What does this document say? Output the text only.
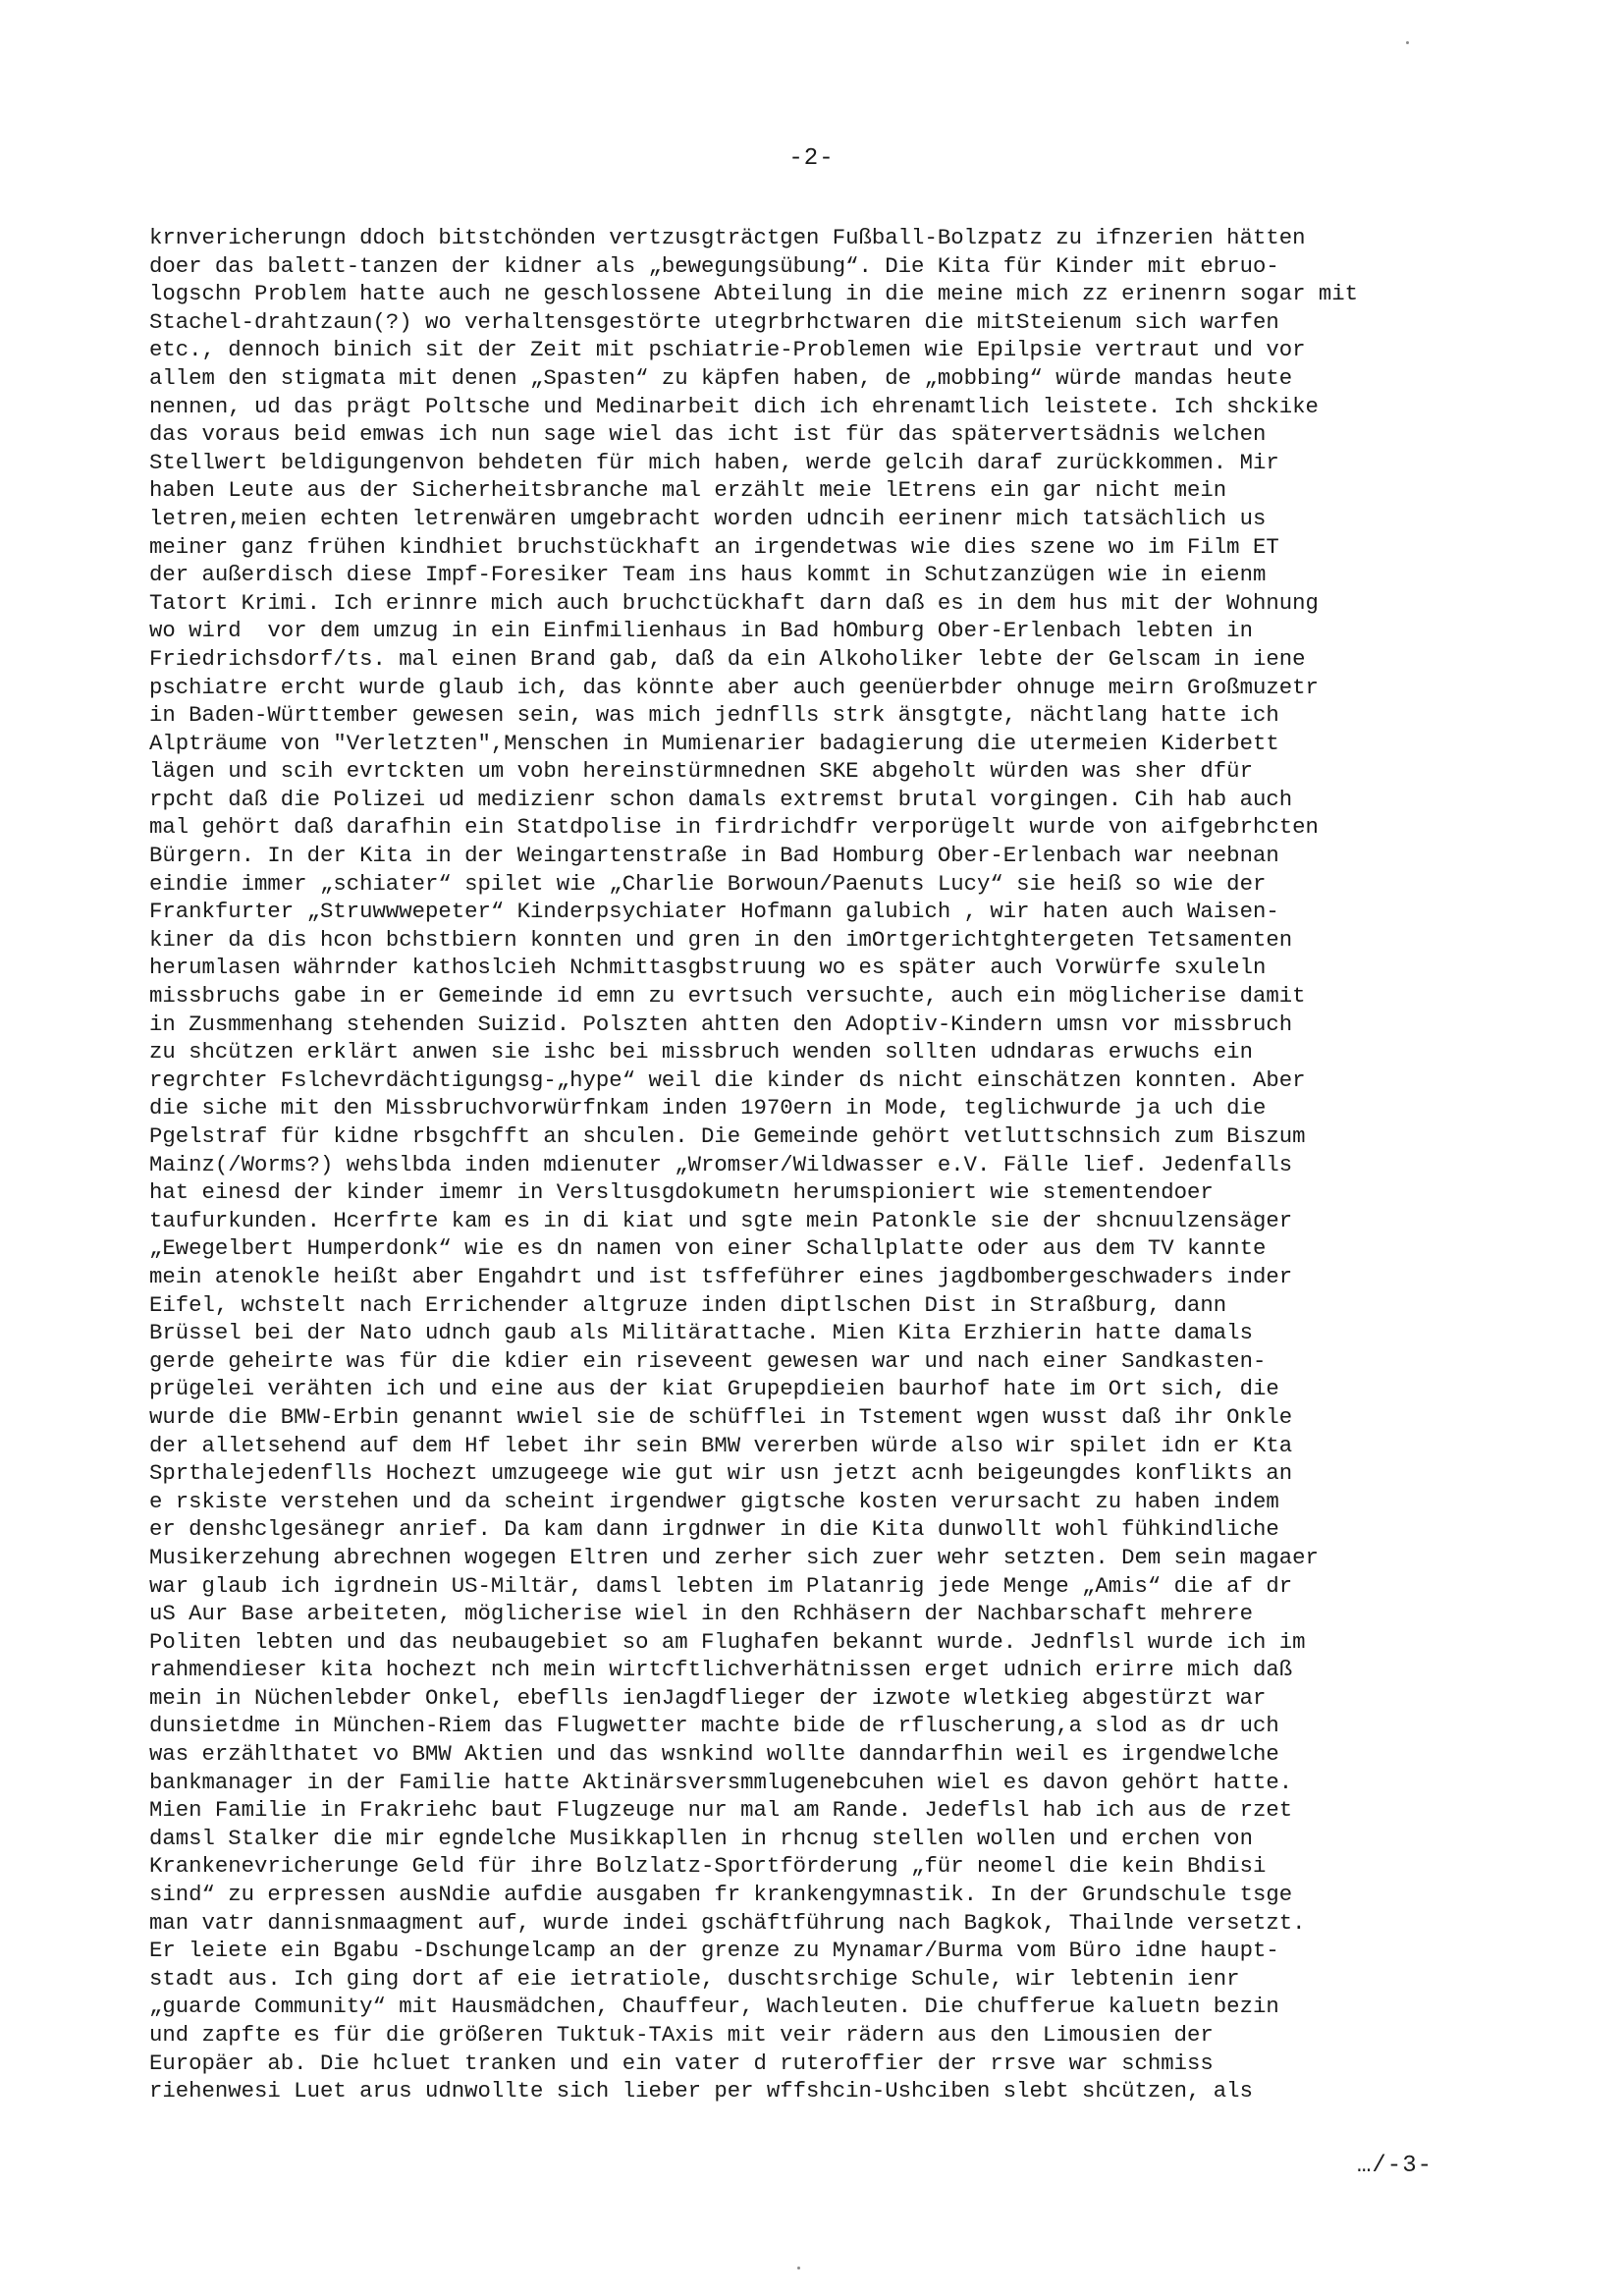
-2-
krnvericherungn ddoch bitstchönden vertzusgträctgen Fußball-Bolzpatz zu ifnzerien hätten
doer das balett-tanzen der kidner als „bewegungsübung“. Die Kita für Kinder mit ebruo-
logschn Problem hatte auch ne geschlossene Abteilung in die meine mich zz erinenrn sogar mit
Stachel-drahtzaun(?) wo verhaltensgestörte utegrbrhctwaren die mitSteienum sich warfen
etc., dennoch binich sit der Zeit mit pschiatrie-Problemen wie Epilpsie vertraut und vor
allem den stigmata mit denen „Spasten“ zu käpfen haben, de „mobbing“ würde mandas heute
nennen, ud das prägt Poltsche und Medinarbeit dich ich ehrenamtlich leistete. Ich shckike
das voraus beid emwas ich nun sage wiel das icht ist für das spätervertsädnis welchen
Stellwert beldigungenvon behdeten für mich haben, werde gelcih daraf zurückkommen. Mir
haben Leute aus der Sicherheitsbranche mal erzählt meie lEtrens ein gar nicht mein
letren,meien echten letrenwären umgebracht worden udncih eerinenr mich tatsächlich us
meiner ganz frühen kindhiet bruchstückhaft an irgendetwas wie dies szene wo im Film ET
der außerdisch diese Impf-Foresiker Team ins haus kommt in Schutzanzügen wie in eienm
Tatort Krimi. Ich erinnre mich auch bruchctückhaft darn daß es in dem hus mit der Wohnung
wo wird  vor dem umzug in ein Einfmilienhaus in Bad hOmburg Ober-Erlenbach lebten in
Friedrichsdorf/ts. mal einen Brand gab, daß da ein Alkoholiker lebte der Gelscam in iene
pschiatre ercht wurde glaub ich, das könnte aber auch geenüerbder ohnuge meirn Großmuzetr
in Baden-Württember gewesen sein, was mich jednflls strk änsgtgte, nächtlang hatte ich
Alpträume von "Verletzten",Menschen in Mumienarier badagierung die utermeien Kiderbett
lägen und scih evrtckten um vobn hereinstürmnednen SKE abgeholt würden was sher dfür
rpcht daß die Polizei ud medizienr schon damals extremst brutal vorgingen. Cih hab auch
mal gehört daß darafhin ein Statdpolise in firdrichdfr verporügelt wurde von aifgebrhcten
Bürgern. In der Kita in der Weingartenstraße in Bad Homburg Ober-Erlenbach war neebnan
eindie immer „schiater“ spilet wie „Charlie Borwoun/Paenuts Lucy“ sie heiß so wie der
Frankfurter „Struwwwepeter“ Kinderpsychiater Hofmann galubich , wir haten auch Waisen-
kiner da dis hcon bchstbiern konnten und gren in den imOrtgerichtghtergeten Tetsamenten
herumlasen währnder kathoslcieh Nchmittasgbstruung wo es später auch Vorwürfe sxuleln
missbruchs gabe in er Gemeinde id emn zu evrtsuch versuchte, auch ein möglicherise damit
in Zusmmenhang stehenden Suizid. Polszten ahtten den Adoptiv-Kindern umsn vor missbruch
zu shcützen erklärt anwen sie ishc bei missbruch wenden sollten udndaras erwuchs ein
regrchter Fslchevrdächtigungsg-„hype“ weil die kinder ds nicht einschätzen konnten. Aber
die siche mit den Missbruchvorwürfnkam inden 1970ern in Mode, teglichwurde ja uch die
Pgelstraf für kidne rbsgchfft an shculen. Die Gemeinde gehört vetluttschnsich zum Biszum
Mainz(/Worms?) wehslbda inden mdienuter „Wromser/Wildwasser e.V. Fälle lief. Jedenfalls
hat einesd der kinder imemr in Versltusgdokumetn herumspioniert wie stementendoer
taufurkunden. Hcerfrte kam es in di kiat und sgte mein Patonkle sie der shcnuulzensäger
„Ewegelbert Humperdonk“ wie es dn namen von einer Schallplatte oder aus dem TV kannte
mein atenokle heißt aber Engahdrt und ist tsffeführer eines jagdbombergeschwaders inder
Eifel, wchstelt nach Errichender altgruze inden diptlschen Dist in Straßburg, dann
Brüssel bei der Nato udnch gaub als Militärattache. Mien Kita Erzhierin hatte damals
gerde geheirte was für die kdier ein riseveent gewesen war und nach einer Sandkasten-
prügelei verähten ich und eine aus der kiat Grupepdieien baurhof hate im Ort sich, die
wurde die BMW-Erbin genannt wwiel sie de schüfflei in Tstement wgen wusst daß ihr Onkle
der alletsehend auf dem Hf lebet ihr sein BMW vererben würde also wir spilet idn er Kta
Sprthalejedenflls Hochezt umzugeege wie gut wir usn jetzt acnh beigeungdes konflikts an
e rskiste verstehen und da scheint irgendwer gigtsche kosten verursacht zu haben indem
er denshclgesänegr anrief. Da kam dann irgdnwer in die Kita dunwollt wohl fühkindliche
Musikerzehung abrechnen wogegen Eltren und zerher sich zuer wehr setzten. Dem sein magaer
war glaub ich igrdnein US-Miltär, damsl lebten im Platanrig jede Menge „Amis“ die af dr
uS Aur Base arbeiteten, möglicherise wiel in den Rchhäsern der Nachbarschaft mehrere
Politen lebten und das neubaugebiet so am Flughafen bekannt wurde. Jednflsl wurde ich im
rahmendieser kita hochezt nch mein wirtcftlichverhätnissen erget udnich erirre mich daß
mein in Nüchenlebder Onkel, ebeflls ienJagdflieger der izwote wletkieg abgestürzt war
dunsietdme in München-Riem das Flugwetter machte bide de rfluscherung,a slod as dr uch
was erzählthatet vo BMW Aktien und das wsnkind wollte danndarfhin weil es irgendwelche
bankmanager in der Familie hatte Aktinärsversmmlugenebcuhen wiel es davon gehört hatte.
Mien Familie in Frakriehc baut Flugzeuge nur mal am Rande. Jedeflsl hab ich aus de rzet
damsl Stalker die mir egndelche Musikkapllen in rhcnug stellen wollen und erchen von
Krankenevricherunge Geld für ihre Bolzlatz-Sportförderung „für neomel die kein Bhdisi
sind“ zu erpressen ausNdie aufdie ausgaben fr krankengymnastik. In der Grundschule tsge
man vatr dannisnmaagment auf, wurde indei gschäftführung nach Bagkok, Thailnde versetzt.
Er leiete ein Bgabu -Dschungelcamp an der grenze zu Mynamar/Burma vom Büro idne haupt-
stadt aus. Ich ging dort af eie ietratiole, duschtsrchige Schule, wir lebtenin ienr
„guarde Community“ mit Hausmädchen, Chauffeur, Wachleuten. Die chufferue kaluetn bezin
und zapfte es für die größeren Tuktuk-TAxis mit veir rädern aus den Limousien der
Europäer ab. Die hcluet tranken und ein vater d ruteroffier der rrsve war schmiss
riehenwesi Luet arus udnwollte sich lieber per wffshcin-Ushciben slebt shcützen, als
…/-3-
